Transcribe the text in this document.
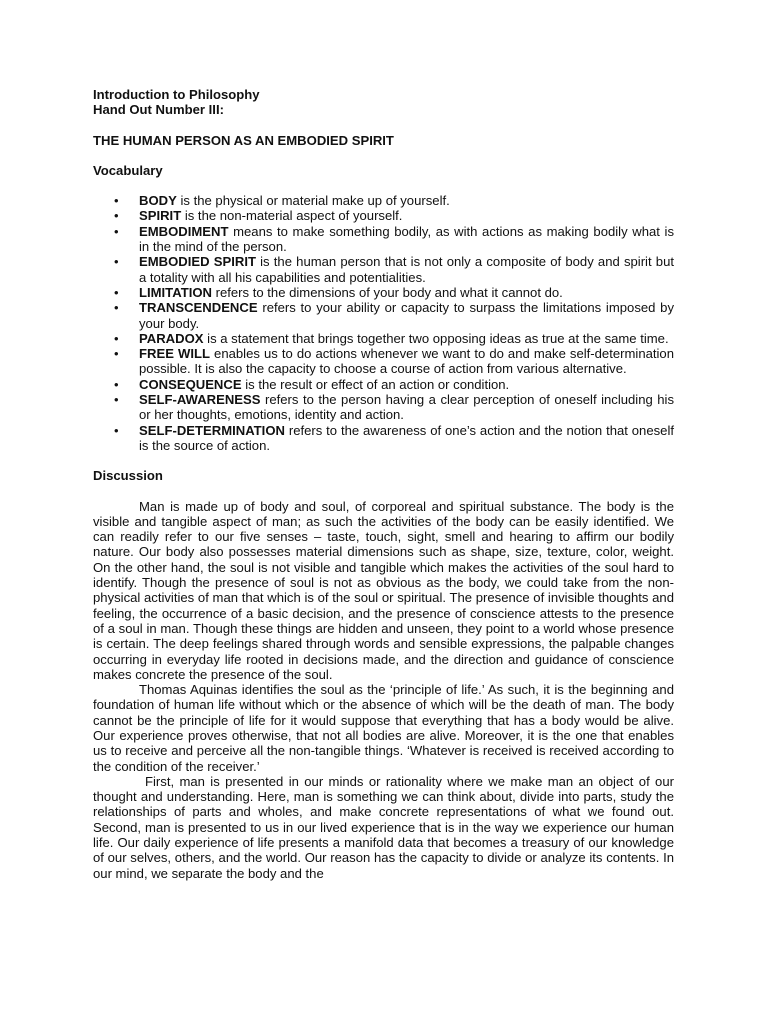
Introduction to Philosophy

Hand Out Number III:

THE HUMAN PERSON AS AN EMBODIED SPIRIT

Vocabulary

• BODY is the physical or material make up of yourself.
• SPIRIT is the non-material aspect of yourself.
• EMBODIMENT means to make something bodily, as with actions as making bodily what is in the mind of the person.
• EMBODIED SPIRIT is the human person that is not only a composite of body and spirit but a totality with all his capabilities and potentialities.
• LIMITATION refers to the dimensions of your body and what it cannot do.
• TRANSCENDENCE refers to your ability or capacity to surpass the limitations imposed by your body.
• PARADOX is a statement that brings together two opposing ideas as true at the same time.
• FREE WILL enables us to do actions whenever we want to do and make self-determination possible. It is also the capacity to choose a course of action from various alternative.
• CONSEQUENCE is the result or effect of an action or condition.
• SELF-AWARENESS refers to the person having a clear perception of oneself including his or her thoughts, emotions, identity and action.
• SELF-DETERMINATION refers to the awareness of one’s action and the notion that oneself is the source of action.

Discussion

Man is made up of body and soul, of corporeal and spiritual substance. The body is the visible and tangible aspect of man; as such the activities of the body can be easily identified. We can readily refer to our five senses – taste, touch, sight, smell and hearing to affirm our bodily nature. Our body also possesses material dimensions such as shape, size, texture, color, weight. On the other hand, the soul is not visible and tangible which makes the activities of the soul hard to identify. Though the presence of soul is not as obvious as the body, we could take from the non-physical activities of man that which is of the soul or spiritual. The presence of invisible thoughts and feeling, the occurrence of a basic decision, and the presence of conscience attests to the presence of a soul in man. Though these things are hidden and unseen, they point to a world whose presence is certain. The deep feelings shared through words and sensible expressions, the palpable changes occurring in everyday life rooted in decisions made, and the direction and guidance of conscience makes concrete the presence of the soul.

Thomas Aquinas identifies the soul as the ‘principle of life.’ As such, it is the beginning and foundation of human life without which or the absence of which will be the death of man. The body cannot be the principle of life for it would suppose that everything that has a body would be alive. Our experience proves otherwise, that not all bodies are alive. Moreover, it is the one that enables us to receive and perceive all the non-tangible things. ‘Whatever is received is received according to the condition of the receiver.’

First, man is presented in our minds or rationality where we make man an object of our thought and understanding. Here, man is something we can think about, divide into parts, study the relationships of parts and wholes, and make concrete representations of what we found out. Second, man is presented to us in our lived experience that is in the way we experience our human life. Our daily experience of life presents a manifold data that becomes a treasury of our knowledge of our selves, others, and the world. Our reason has the capacity to divide or analyze its contents. In our mind, we separate the body and the
